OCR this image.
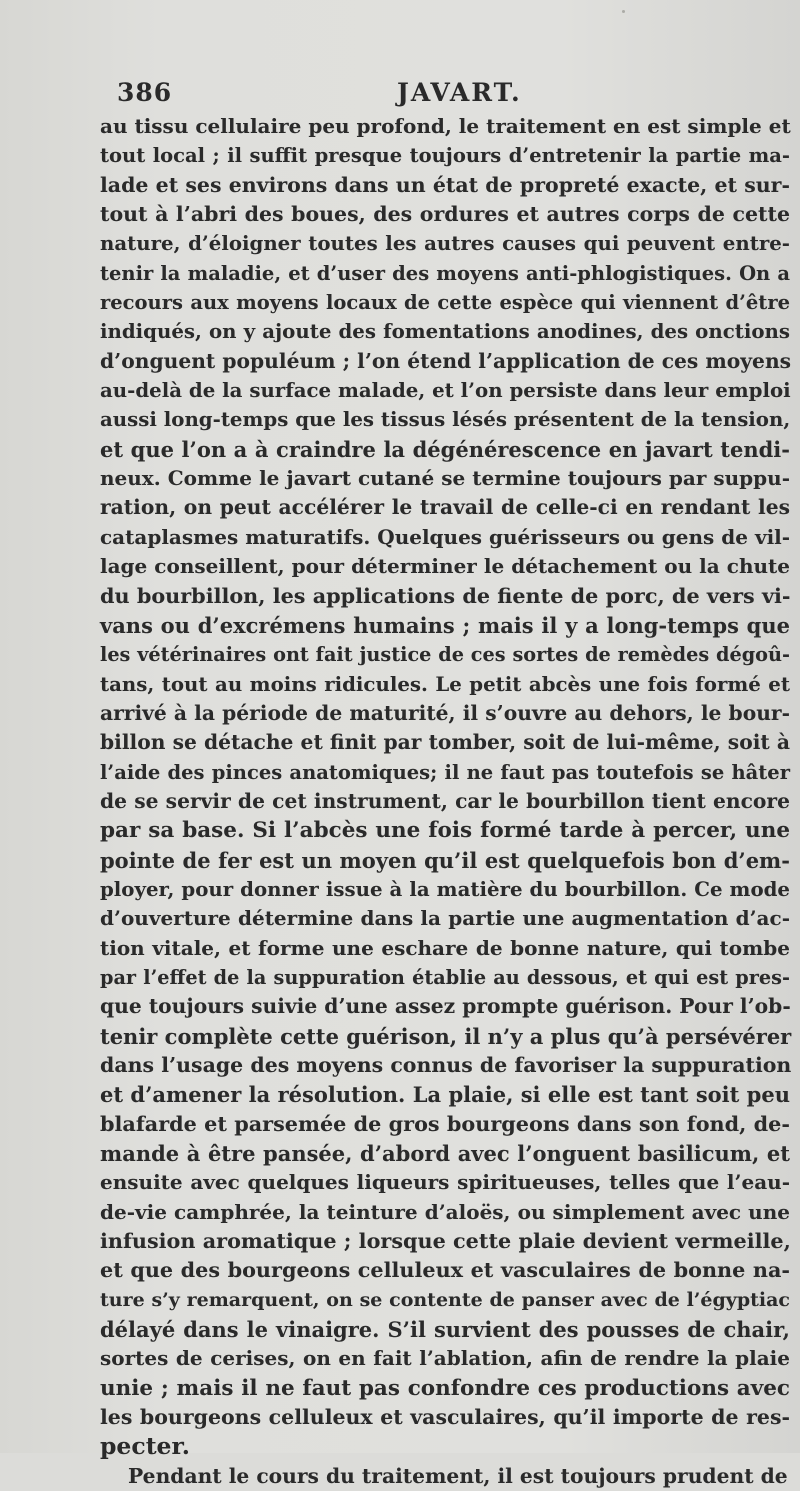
386	JAVART.
au tissu cellulaire peu profond, le traitement en est simple et
tout local ; il suffit presque toujours d’entretenir la partie ma-
lade et ses environs dans un état de propreté exacte, et sur-
tout à l’abri des boues, des ordures et autres corps de cette
nature, d’éloigner toutes les autres causes qui peuvent entre-
tenir la maladie, et d’user des moyens anti-phlogistiques. On a
recours aux moyens locaux de cette espèce qui viennent d’être
indiqués, on y ajoute des fomentations anodines, des onctions
d’onguent populéum ; l’on étend l’application de ces moyens
au-delà de la surface malade, et l’on persiste dans leur emploi
aussi long-temps que les tissus lésés présentent de la tension,
et que l’on a à craindre la dégénérescence en javart tendi-
neux. Comme le javart cutané se termine toujours par suppu-
ration, on peut accélérer le travail de celle-ci en rendant les
cataplasmes maturatifs. Quelques guérisseurs ou gens de vil-
lage conseillent, pour déterminer le détachement ou la chute
du bourbillon, les applications de fiente de porc, de vers vi-
vans ou d’excrémens humains ; mais il y a long-temps que
les vétérinaires ont fait justice de ces sortes de remèdes dégoû-
tans, tout au moins ridicules. Le petit abcès une fois formé et
arrivé à la période de maturité, il s’ouvre au dehors, le bour-
billon se détache et finit par tomber, soit de lui-même, soit à
l’aide des pinces anatomiques; il ne faut pas toutefois se hâter
de se servir de cet instrument, car le bourbillon tient encore
par sa base. Si l’abcès une fois formé tarde à percer, une
pointe de fer est un moyen qu’il est quelquefois bon d’em-
ployer, pour donner issue à la matière du bourbillon. Ce mode
d’ouverture détermine dans la partie une augmentation d’ac-
tion vitale, et forme une eschare de bonne nature, qui tombe
par l’effet de la suppuration établie au dessous, et qui est pres-
que toujours suivie d’une assez prompte guérison. Pour l’ob-
tenir complète cette guérison, il n’y a plus qu’à persévérer
dans l’usage des moyens connus de favoriser la suppuration
et d’amener la résolution. La plaie, si elle est tant soit peu
blafarde et parsemée de gros bourgeons dans son fond, de-
mande à être pansée, d’abord avec l’onguent basilicum, et
ensuite avec quelques liqueurs spiritueuses, telles que l’eau-
de-vie camphrée, la teinture d’aloës, ou simplement avec une
infusion aromatique ; lorsque cette plaie devient vermeille,
et que des bourgeons celluleux et vasculaires de bonne na-
ture s’y remarquent, on se contente de panser avec de l’égyptiac
délayé dans le vinaigre. S’il survient des pousses de chair,
sortes de cerises, on en fait l’ablation, afin de rendre la plaie
unie ; mais il ne faut pas confondre ces productions avec
les bourgeons celluleux et vasculaires, qu’il importe de res-
pecter.
Pendant le cours du traitement, il est toujours prudent de
